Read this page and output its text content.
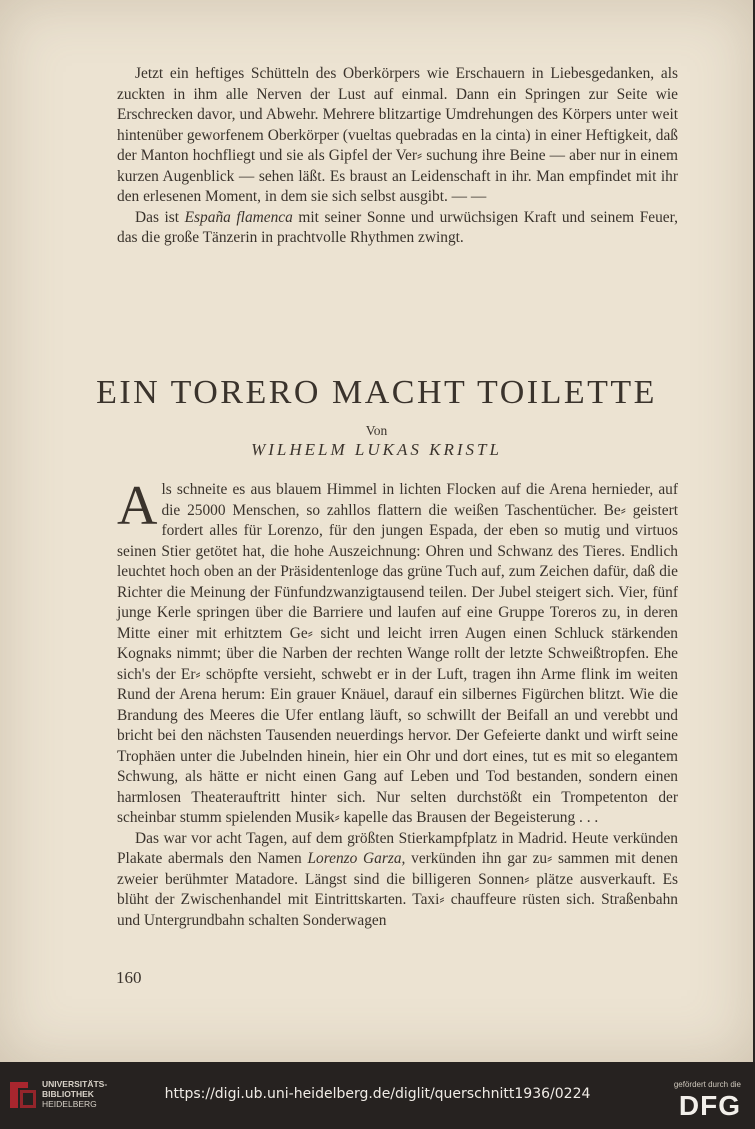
Jetzt ein heftiges Schütteln des Oberkörpers wie Erschauern in Liebesgedanken, als zuckten in ihm alle Nerven der Lust auf einmal. Dann ein Springen zur Seite wie Erschrecken davor, und Abwehr. Mehrere blitzartige Umdrehungen des Körpers unter weit hintenüber geworfenem Oberkörper (vueltas quebradas en la cinta) in einer Heftigkeit, daß der Manton hochfliegt und sie als Gipfel der Ver⸗ suchung ihre Beine — aber nur in einem kurzen Augenblick — sehen läßt. Es braust an Leidenschaft in ihr. Man empfindet mit ihr den erlesenen Moment, in dem sie sich selbst ausgibt. — —

Das ist España flamenca mit seiner Sonne und urwüchsigen Kraft und seinem Feuer, das die große Tänzerin in prachtvolle Rhythmen zwingt.

EIN TORERO MACHT TOILETTE
Von
WILHELM LUKAS KRISTL

Als schneite es aus blauem Himmel in lichten Flocken auf die Arena hernieder, auf die 25000 Menschen, so zahllos flattern die weißen Taschentücher. Be⸗ geistert fordert alles für Lorenzo, für den jungen Espada, der eben so mutig und virtuos seinen Stier getötet hat, die hohe Auszeichnung: Ohren und Schwanz des Tieres. Endlich leuchtet hoch oben an der Präsidentenloge das grüne Tuch auf, zum Zeichen dafür, daß die Richter die Meinung der Fünfundzwanzigtausend teilen. Der Jubel steigert sich. Vier, fünf junge Kerle springen über die Barriere und laufen auf eine Gruppe Toreros zu, in deren Mitte einer mit erhitztem Ge⸗ sicht und leicht irren Augen einen Schluck stärkenden Kognaks nimmt; über die Narben der rechten Wange rollt der letzte Schweißtropfen. Ehe sich's der Er⸗ schöpfte versieht, schwebt er in der Luft, tragen ihn Arme flink im weiten Rund der Arena herum: Ein grauer Knäuel, darauf ein silbernes Figürchen blitzt. Wie die Brandung des Meeres die Ufer entlang läuft, so schwillt der Beifall an und verebbt und bricht bei den nächsten Tausenden neuerdings hervor. Der Gefeierte dankt und wirft seine Trophäen unter die Jubelnden hinein, hier ein Ohr und dort eines, tut es mit so elegantem Schwung, als hätte er nicht einen Gang auf Leben und Tod bestanden, sondern einen harmlosen Theaterauftritt hinter sich. Nur selten durchstößt ein Trompetenton der scheinbar stumm spielenden Musik⸗ kapelle das Brausen der Begeisterung . . .

Das war vor acht Tagen, auf dem größten Stierkampfplatz in Madrid. Heute verkünden Plakate abermals den Namen Lorenzo Garza, verkünden ihn gar zu⸗ sammen mit denen zweier berühmter Matadore. Längst sind die billigeren Sonnen⸗ plätze ausverkauft. Es blüht der Zwischenhandel mit Eintrittskarten. Taxi⸗ chauffeure rüsten sich. Straßenbahn und Untergrundbahn schalten Sonderwagen

160
UNIVERSITÄTS-
BIBLIOTHEK
HEIDELBERG
https://digi.ub.uni-heidelberg.de/diglit/querschnitt1936/0224
gefördert durch die
DFG
